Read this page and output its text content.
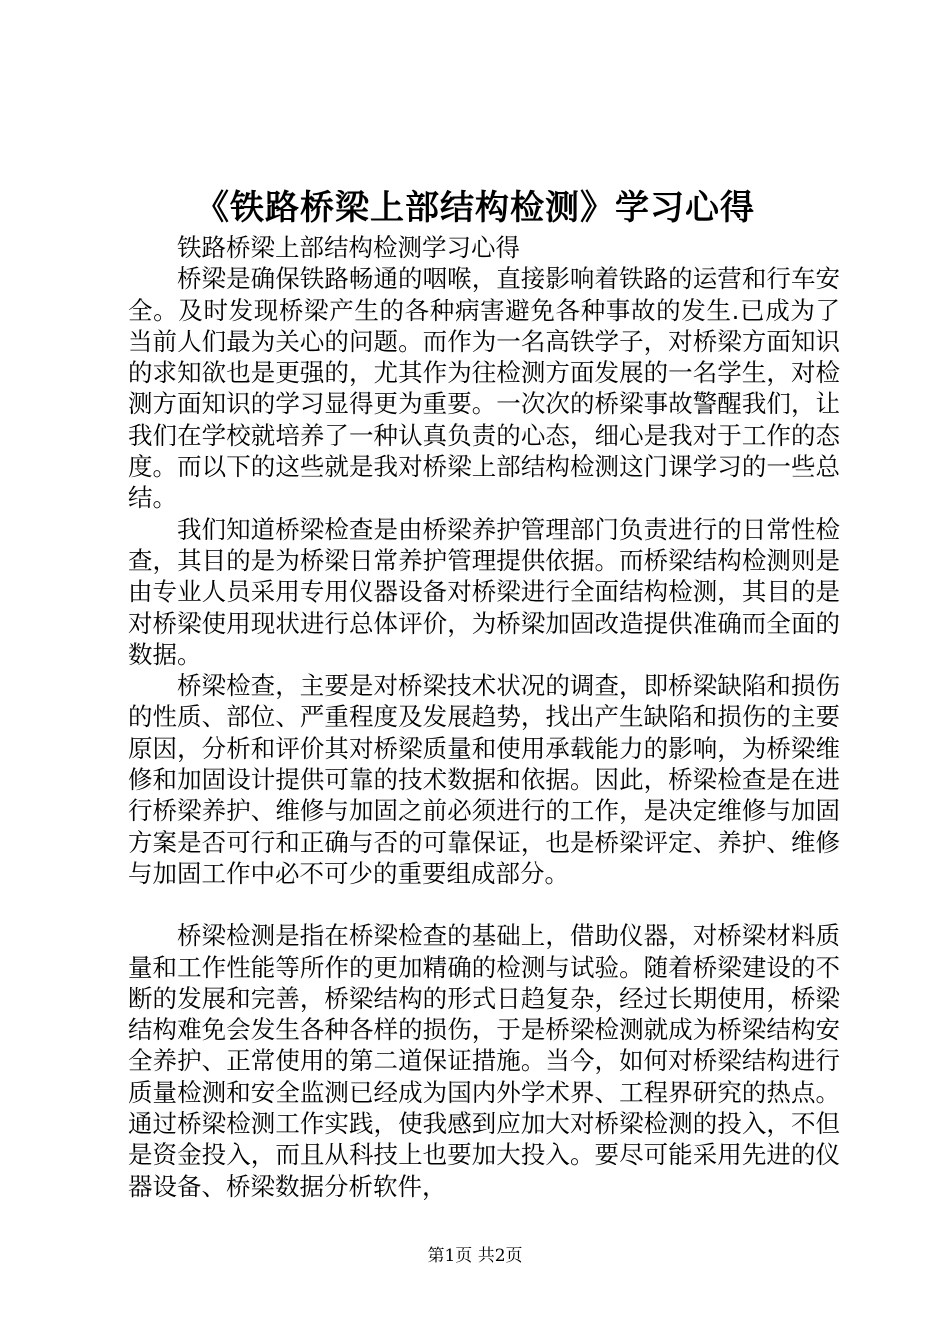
《铁路桥梁上部结构检测》学习心得

铁路桥梁上部结构检测学习心得

桥梁是确保铁路畅通的咽喉，直接影响着铁路的运营和行车安全。及时发现桥梁产生的各种病害避免各种事故的发生.已成为了当前人们最为关心的问题。而作为一名高铁学子，对桥梁方面知识的求知欲也是更强的，尤其作为往检测方面发展的一名学生，对检测方面知识的学习显得更为重要。一次次的桥梁事故警醒我们，让我们在学校就培养了一种认真负责的心态，细心是我对于工作的态度。而以下的这些就是我对桥梁上部结构检测这门课学习的一些总结。

我们知道桥梁检查是由桥梁养护管理部门负责进行的日常性检查，其目的是为桥梁日常养护管理提供依据。而桥梁结构检测则是由专业人员采用专用仪器设备对桥梁进行全面结构检测，其目的是对桥梁使用现状进行总体评价，为桥梁加固改造提供准确而全面的数据。

桥梁检查，主要是对桥梁技术状况的调查，即桥梁缺陷和损伤的性质、部位、严重程度及发展趋势，找出产生缺陷和损伤的主要原因，分析和评价其对桥梁质量和使用承载能力的影响，为桥梁维修和加固设计提供可靠的技术数据和依据。因此，桥梁检查是在进行桥梁养护、维修与加固之前必须进行的工作，是决定维修与加固方案是否可行和正确与否的可靠保证，也是桥梁评定、养护、维修与加固工作中必不可少的重要组成部分。

桥梁检测是指在桥梁检查的基础上，借助仪器，对桥梁材料质量和工作性能等所作的更加精确的检测与试验。随着桥梁建设的不断的发展和完善，桥梁结构的形式日趋复杂，经过长期使用，桥梁结构难免会发生各种各样的损伤，于是桥梁检测就成为桥梁结构安全养护、正常使用的第二道保证措施。当今，如何对桥梁结构进行质量检测和安全监测已经成为国内外学术界、工程界研究的热点。通过桥梁检测工作实践，使我感到应加大对桥梁检测的投入，不但是资金投入，而且从科技上也要加大投入。要尽可能采用先进的仪器设备、桥梁数据分析软件，

第1页 共2页
